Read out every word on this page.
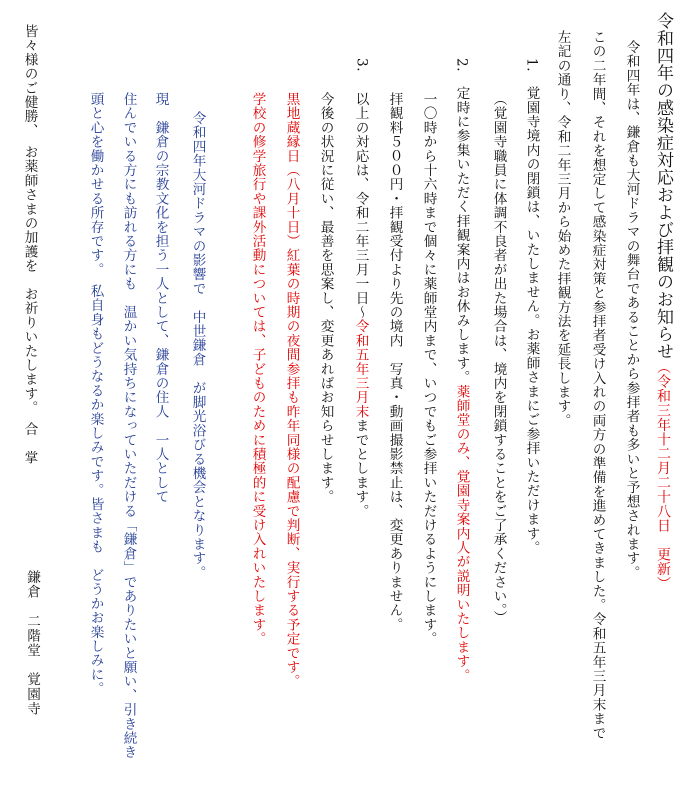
令和四年の感染症対応および拝観のお知らせ（令和三年十二月二十八日　更新）
令和四年は、鎌倉も大河ドラマの舞台であることから参拝者も多いと予想されます。
この二年間、それを想定して感染症対策と参拝者受け入れの両方の準備を進めてきました。令和五年三月末まで
左記の通り、令和二年三月から始めた拝観方法を延長します。
1.覚園寺境内の閉鎖は、いたしません。お薬師さまにご参拝いただけます。
（覚園寺職員に体調不良者が出た場合は、境内を閉鎖することをご了承ください。）
2.定時に参集いただく拝観案内はお休みします。薬師堂のみ、覚園寺案内人が説明いたします。
一〇時から十六時まで個々に薬師堂内まで、いつでもご参拝いただけるようにします。
拝観料５００円・拝観受付より先の境内　写真・動画撮影禁止は、変更ありません。
以上の対応は、令和二年三月一日～令和五年三月末までとします。
3.
今後の状況に従い、最善を思案し、変更あればお知らせします。
黒地蔵縁日（八月十日）紅葉の時期の夜間参拝も昨年同様の配慮で判断、実行する予定です。
学校の修学旅行や課外活動については、子どものために積極的に受け入れいたします。
令和四年大河ドラマの影響で　中世鎌倉　が脚光浴びる機会となります。
現　鎌倉の宗教文化を担う一人として、鎌倉の住人　一人として
住んでいる方にも訪れる方にも　温かい気持ちになっていただける「鎌倉」でありたいと願い、引き続き
頭と心を働かせる所存です。　私自身もどうなるか楽しみです。皆さまも　どうかお楽しみに。
皆々様のご健勝、　お薬師さまの加護を　お祈りいたします。　合　掌
鎌倉　二階堂　覚園寺
